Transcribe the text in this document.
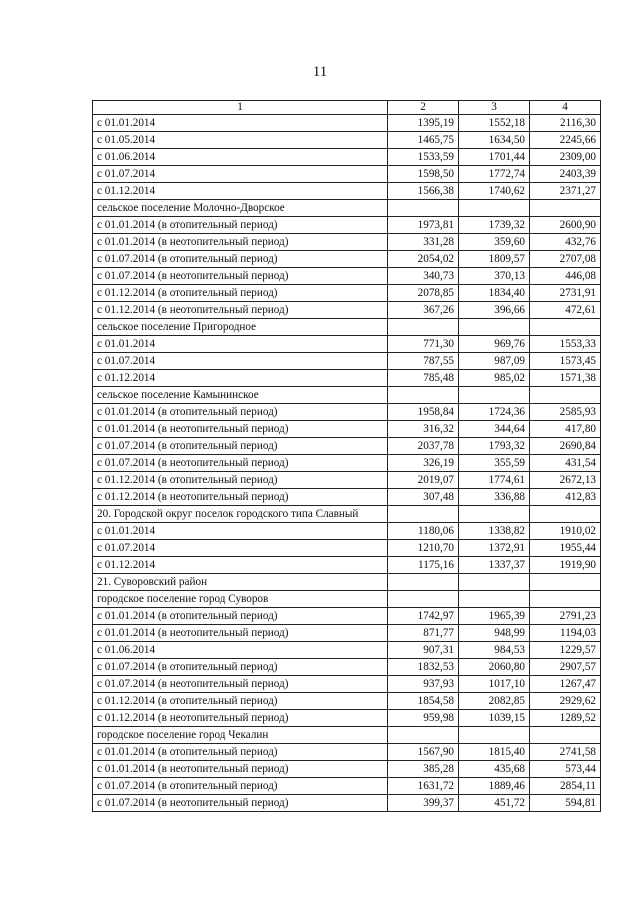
11
1	2	3	4
с 01.01.2014	1395,19	1552,18	2116,30
с 01.05.2014	1465,75	1634,50	2245,66
с 01.06.2014	1533,59	1701,44	2309,00
с 01.07.2014	1598,50	1772,74	2403,39
с 01.12.2014	1566,38	1740,62	2371,27
сельское поселение Молочно-Дворское			
с 01.01.2014 (в отопительный период)	1973,81	1739,32	2600,90
с 01.01.2014 (в неотопительный период)	331,28	359,60	432,76
с 01.07.2014 (в отопительный период)	2054,02	1809,57	2707,08
с 01.07.2014 (в неотопительный период)	340,73	370,13	446,08
с 01.12.2014 (в отопительный период)	2078,85	1834,40	2731,91
с 01.12.2014 (в неотопительный период)	367,26	396,66	472,61
сельское поселение Пригородное			
с 01.01.2014	771,30	969,76	1553,33
с 01.07.2014	787,55	987,09	1573,45
с 01.12.2014	785,48	985,02	1571,38
сельское поселение Камынинское			
с 01.01.2014 (в отопительный период)	1958,84	1724,36	2585,93
с 01.01.2014 (в неотопительный период)	316,32	344,64	417,80
с 01.07.2014 (в отопительный период)	2037,78	1793,32	2690,84
с 01.07.2014 (в неотопительный период)	326,19	355,59	431,54
с 01.12.2014 (в отопительный период)	2019,07	1774,61	2672,13
с 01.12.2014 (в неотопительный период)	307,48	336,88	412,83
20. Городской округ поселок городского типа Славный			
с 01.01.2014	1180,06	1338,82	1910,02
с 01.07.2014	1210,70	1372,91	1955,44
с 01.12.2014	1175,16	1337,37	1919,90
21. Суворовский район			
городское поселение город Суворов			
с 01.01.2014 (в отопительный период)	1742,97	1965,39	2791,23
с 01.01.2014 (в неотопительный период)	871,77	948,99	1194,03
с 01.06.2014	907,31	984,53	1229,57
с 01.07.2014 (в отопительный период)	1832,53	2060,80	2907,57
с 01.07.2014 (в неотопительный период)	937,93	1017,10	1267,47
с 01.12.2014 (в отопительный период)	1854,58	2082,85	2929,62
с 01.12.2014 (в неотопительный период)	959,98	1039,15	1289,52
городское поселение город Чекалин			
с 01.01.2014 (в отопительный период)	1567,90	1815,40	2741,58
с 01.01.2014 (в неотопительный период)	385,28	435,68	573,44
с 01.07.2014 (в отопительный период)	1631,72	1889,46	2854,11
с 01.07.2014 (в неотопительный период)	399,37	451,72	594,81
